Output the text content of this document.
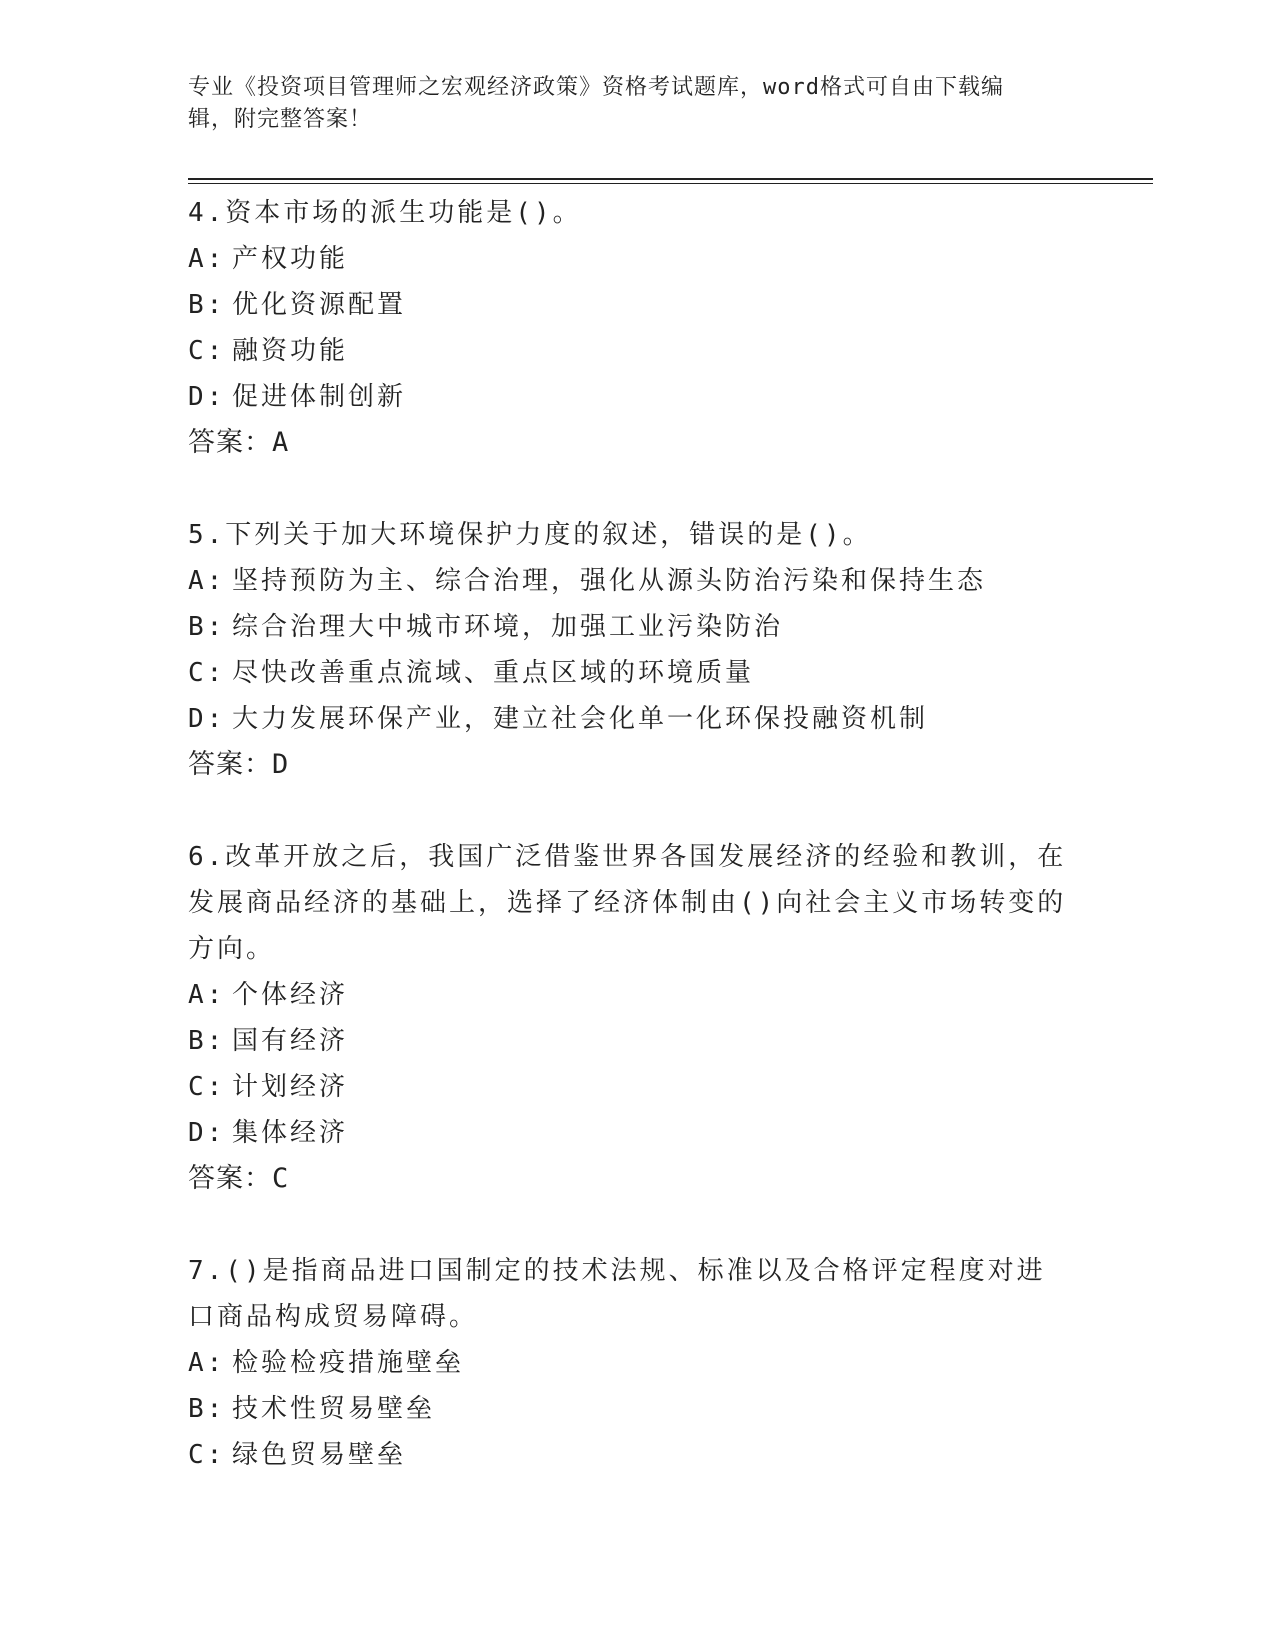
专业《投资项目管理师之宏观经济政策》资格考试题库，word格式可自由下载编
辑，附完整答案！

4.资本市场的派生功能是()。

A: 产权功能

B: 优化资源配置

C: 融资功能

D: 促进体制创新

答案：A

5.下列关于加大环境保护力度的叙述，错误的是()。

A: 坚持预防为主、综合治理，强化从源头防治污染和保持生态

B: 综合治理大中城市环境，加强工业污染防治

C: 尽快改善重点流域、重点区域的环境质量

D: 大力发展环保产业，建立社会化单一化环保投融资机制

答案：D

6.改革开放之后，我国广泛借鉴世界各国发展经济的经验和教训，在发展商品经济的基础上，选择了经济体制由()向社会主义市场转变的方向。

A: 个体经济

B: 国有经济

C: 计划经济

D: 集体经济

答案：C

7.()是指商品进口国制定的技术法规、标准以及合格评定程度对进口商品构成贸易障碍。

A: 检验检疫措施壁垒

B: 技术性贸易壁垒

C: 绿色贸易壁垒
